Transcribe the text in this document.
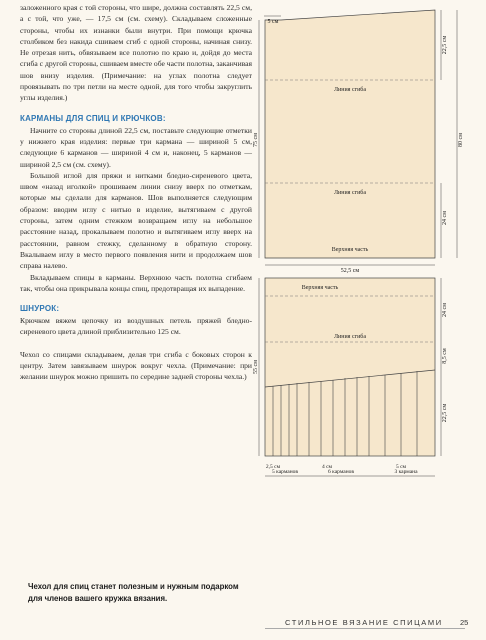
заложенного края с той стороны, что шире, должна составлять 22,5 см, а с той, что уже, — 17,5 см (см. схему). Складываем сложенные стороны, чтобы их изнанки были внутри. При помощи крючка столбиком без накида сшиваем сгиб с одной стороны, начиная снизу. Не отрезая нить, обвязываем все полотно по краю и, дойдя до места сгиба с другой стороны, сшиваем вместе обе части полотна, заканчивая шов внизу изделия. (Примечание: на углах полотна следует провязывать по три петли на месте одной, для того чтобы закруглить углы изделия.)

КАРМАНЫ ДЛЯ СПИЦ И КРЮЧКОВ:

Начните со стороны длиной 22,5 см, поставьте следующие отметки у нижнего края изделия: первые три кармана — шириной 5 см, следующие 6 карманов — шириной 4 см и, наконец, 5 карманов — шириной 2,5 см (см. схему).

Большой иглой для пряжи и нитками бледно-сиреневого цвета, швом «назад иголкой» прошиваем линии снизу вверх по отметкам, которые мы сделали для карманов. Шов выполняется следующим образом: вводим иглу с нитью в изделие, вытягиваем с другой стороны, затем одним стежком возвращаем иглу на небольшое расстояние назад, прокалываем полотно и вытягиваем иглу вверх на расстоянии, равном стежку, сделанному в обратную сторону. Вкалываем иглу в место первого появления нити и продолжаем шов справа налево.

Вкладываем спицы в карманы. Верхнюю часть полотна сгибаем так, чтобы она прикрывала концы спиц, предотвращая их выпадение.

ШНУРОК:

Крючком вяжем цепочку из воздушных петель пряжей бледно-сиреневого цвета длиной приблизительно 125 см.

Чехол со спицами складываем, делая три сгиба с боковых сторон к центру. Затем завязываем шнурок вокруг чехла. (Примечание: при желании шнурок можно пришить по середине задней стороны чехла.)

Чехол для спиц станет полезным и нужным подарком для членов вашего кружка вязания.
СТИЛЬНОЕ ВЯЗАНИЕ СПИЦАМИ 25
5 см
22,5 см
80 см
75 см
24 см
Линия сгиба
Линия сгиба
Верхняя часть
52,5 см
Верхняя часть
Линия сгиба
55 см
24 см
8,5 см
22,5 см
2,5 см	4 см	5 см
5 карманов	6 карманов	3 кармана
